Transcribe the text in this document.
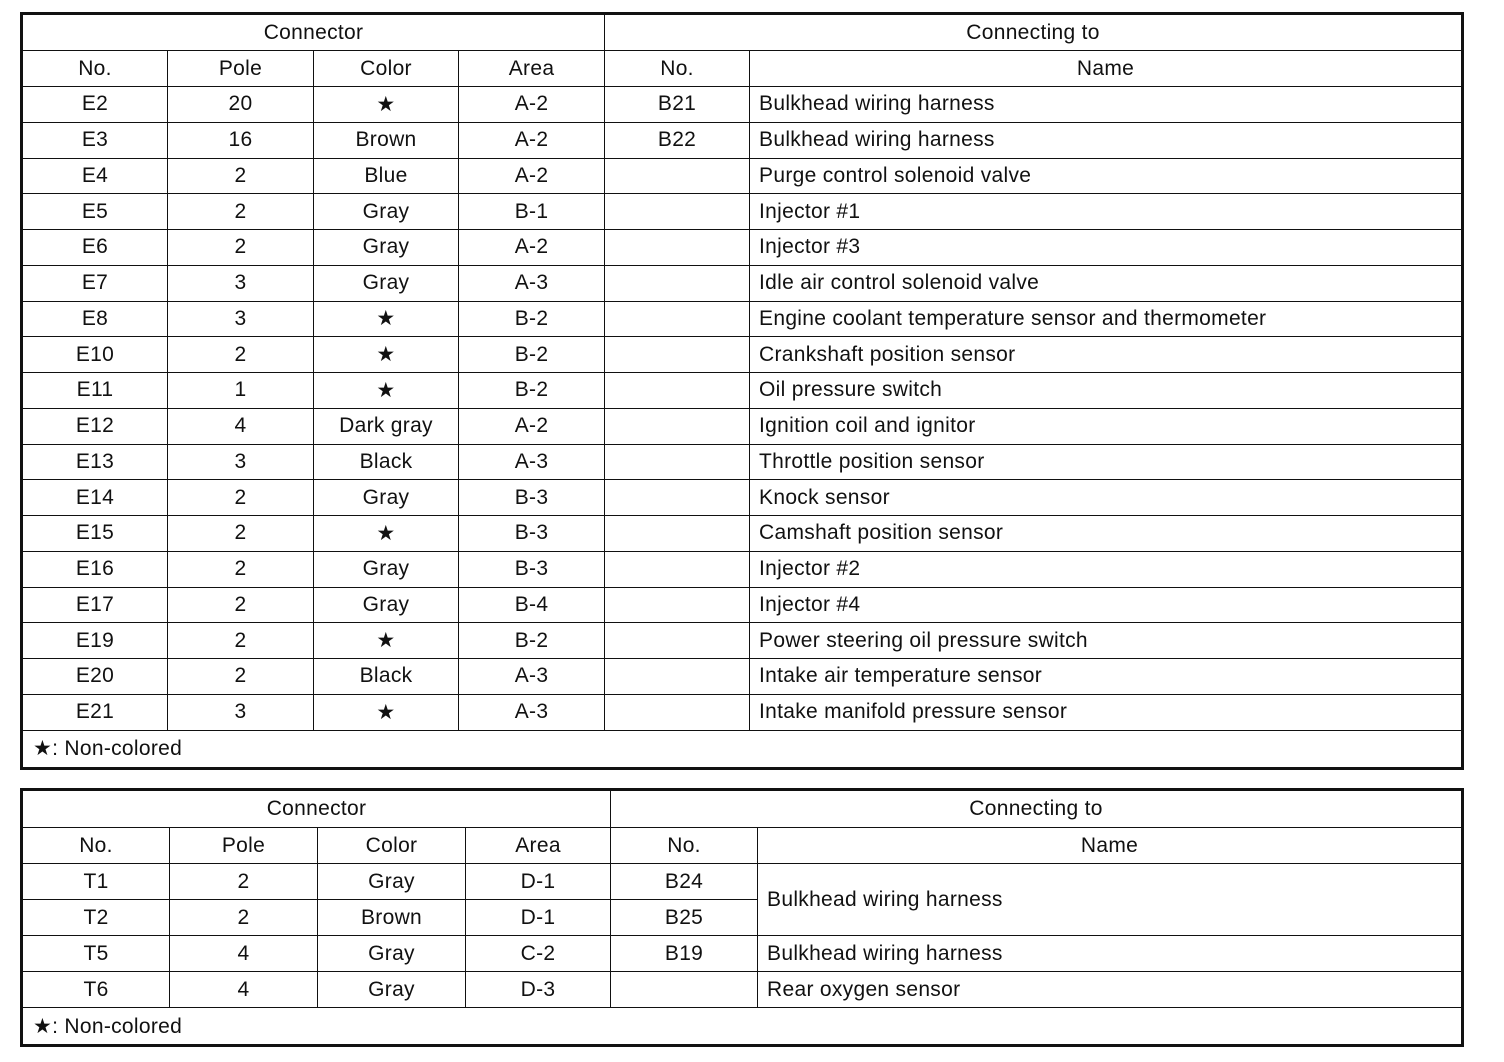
Connector				Connecting to	
No.	Pole	Color	Area	No.	Name
E2	20	★	A-2	B21	Bulkhead wiring harness
E3	16	Brown	A-2	B22	Bulkhead wiring harness
E4	2	Blue	A-2		Purge control solenoid valve
E5	2	Gray	B-1		Injector #1
E6	2	Gray	A-2		Injector #3
E7	3	Gray	A-3		Idle air control solenoid valve
E8	3	★	B-2		Engine coolant temperature sensor and thermometer
E10	2	★	B-2		Crankshaft position sensor
E11	1	★	B-2		Oil pressure switch
E12	4	Dark gray	A-2		Ignition coil and ignitor
E13	3	Black	A-3		Throttle position sensor
E14	2	Gray	B-3		Knock sensor
E15	2	★	B-3		Camshaft position sensor
E16	2	Gray	B-3		Injector #2
E17	2	Gray	B-4		Injector #4
E19	2	★	B-2		Power steering oil pressure switch
E20	2	Black	A-3		Intake air temperature sensor
E21	3	★	A-3		Intake manifold pressure sensor
★: Non-colored					
Connector				Connecting to	
No.	Pole	Color	Area	No.	Name
T1	2	Gray	D-1	B24	Bulkhead wiring harness
T2	2	Brown	D-1	B25	
T5	4	Gray	C-2	B19	Bulkhead wiring harness
T6	4	Gray	D-3		Rear oxygen sensor
★: Non-colored					
